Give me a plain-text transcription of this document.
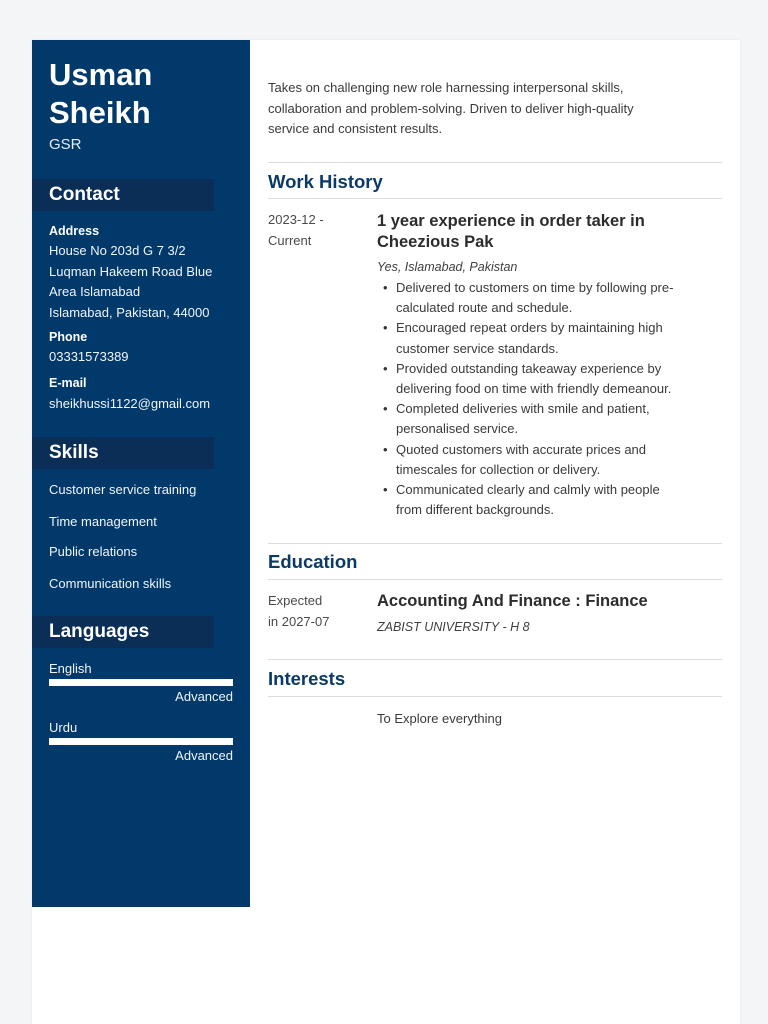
Usman
Sheikh
GSR
Contact
Address
House No 203d G 7 3/2
Luqman Hakeem Road Blue
Area Islamabad
Islamabad, Pakistan, 44000
Phone
03331573389
E-mail
sheikhussi1122@gmail.com
Skills
Customer service training
Time management
Public relations
Communication skills
Languages
English
Advanced
Urdu
Advanced
Takes on challenging new role harnessing interpersonal skills,
collaboration and problem-solving. Driven to deliver high-quality
service and consistent results.
Work History
2023-12 -
Current
1 year experience in order taker in
Cheezious Pak
Yes, Islamabad, Pakistan
• Delivered to customers on time by following pre-
calculated route and schedule.
• Encouraged repeat orders by maintaining high
customer service standards.
• Provided outstanding takeaway experience by
delivering food on time with friendly demeanour.
• Completed deliveries with smile and patient,
personalised service.
• Quoted customers with accurate prices and
timescales for collection or delivery.
• Communicated clearly and calmly with people
from different backgrounds.
Education
Expected
in 2027-07
Accounting And Finance : Finance
ZABIST UNIVERSITY - H 8
Interests
To Explore everything
